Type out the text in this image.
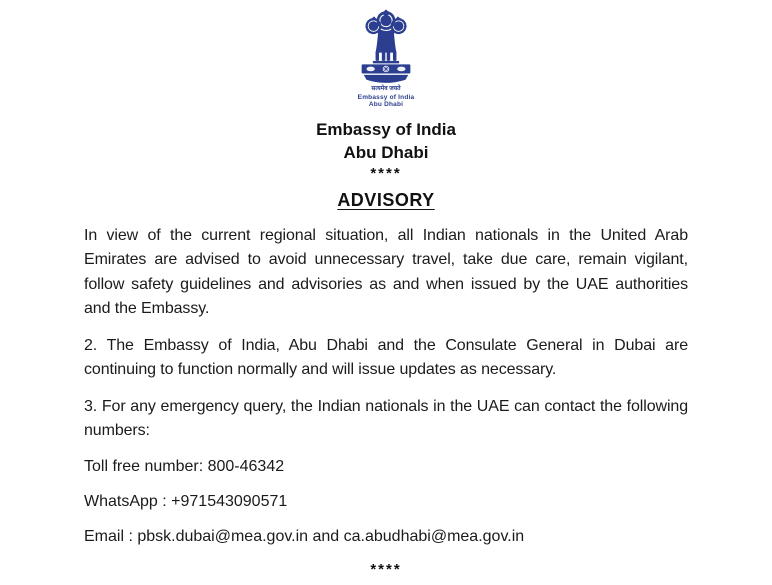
सत्यमेव जयते
Embassy of India
Abu Dhabi
Embassy of India
Abu Dhabi
****
ADVISORY

In view of the current regional situation, all Indian nationals in the United Arab Emirates are advised to avoid unnecessary travel, take due care, remain vigilant, follow safety guidelines and advisories as and when issued by the UAE authorities and the Embassy.

2. The Embassy of India, Abu Dhabi and the Consulate General in Dubai are continuing to function normally and will issue updates as necessary.

3. For any emergency query, the Indian nationals in the UAE can contact the following numbers:

Toll free number: 800-46342

WhatsApp : +971543090571

Email : pbsk.dubai@mea.gov.in and ca.abudhabi@mea.gov.in

****
